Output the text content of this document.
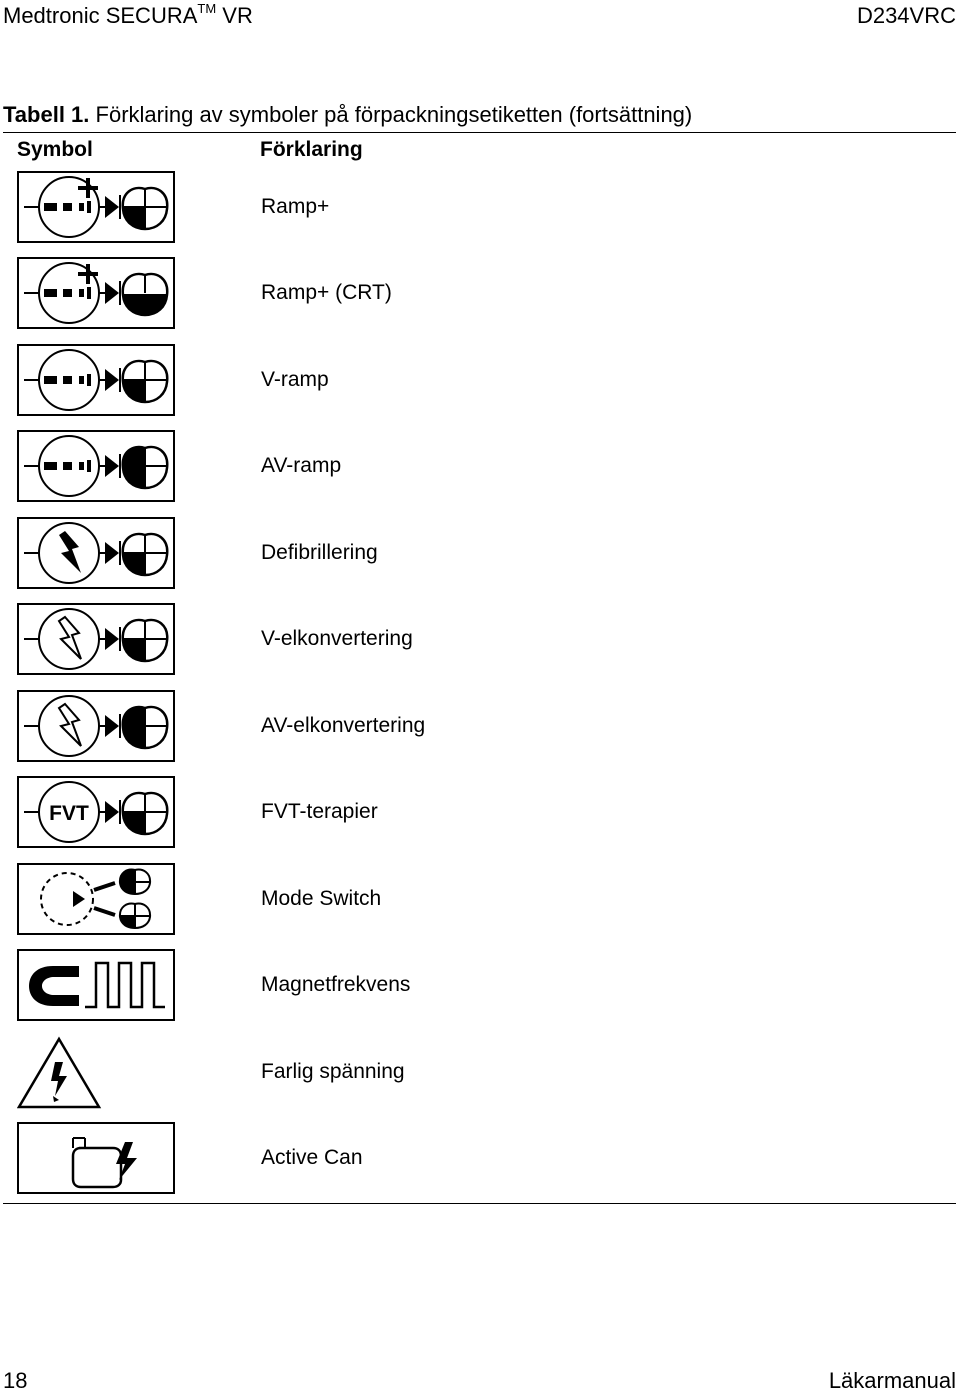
Medtronic SECURA™ VR	D234VRC
Tabell 1. Förklaring av symboler på förpackningsetiketten (fortsättning)
Symbol	Förklaring
Ramp+
Ramp+ (CRT)
V-ramp
AV-ramp
Defibrillering
V-elkonvertering
AV-elkonvertering
FVT	FVT-terapier
Mode Switch
Magnetfrekvens
Farlig spänning
Active Can
18	Läkarmanual
